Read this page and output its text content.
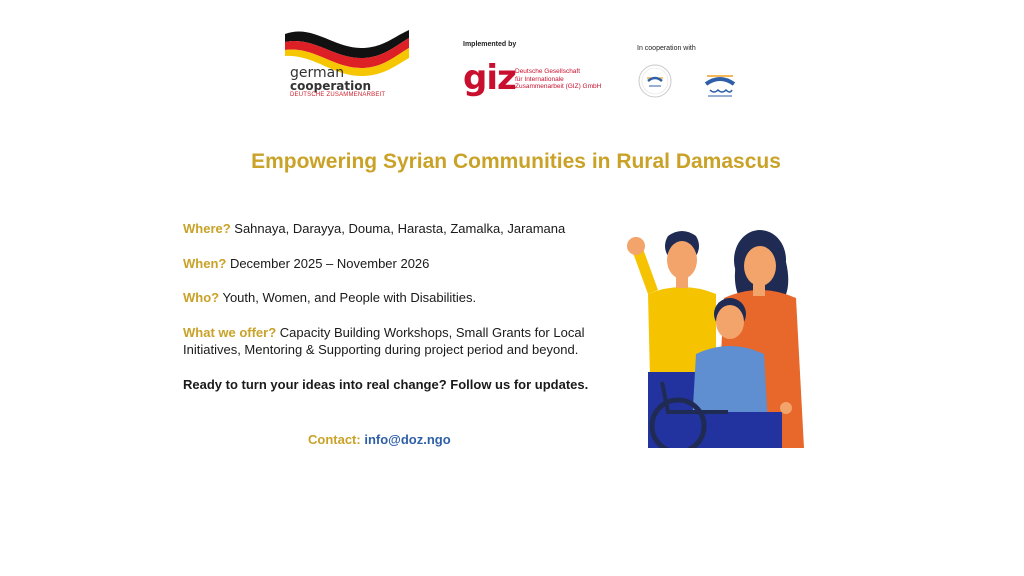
german
cooperation
DEUTSCHE ZUSAMMENARBEIT
Implemented by
giz Deutsche Gesellschaft
für Internationale
Zusammenarbeit (GIZ) GmbH
In cooperation with
Empowering Syrian Communities in Rural Damascus

Where? Sahnaya, Darayya, Douma, Harasta, Zamalka, Jaramana

When? December 2025 – November 2026

Who? Youth, Women, and People with Disabilities.

What we offer? Capacity Building Workshops, Small Grants for Local Initiatives, Mentoring & Supporting during project period and beyond.

Ready to turn your ideas into real change? Follow us for updates.

Contact: info@doz.ngo
